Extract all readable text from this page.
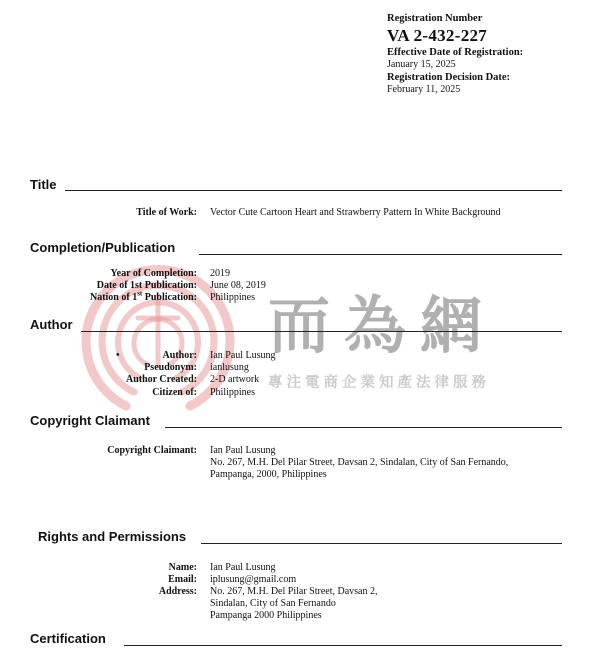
而為網
專注電商企業知產法律服務
Registration Number
VA 2-432-227
Effective Date of Registration:
January 15, 2025
Registration Decision Date:
February 11, 2025
Title
Title of Work: Vector Cute Cartoon Heart and Strawberry Pattern In White Background
Completion/Publication
Year of Completion: 2019
Date of 1st Publication: June 08, 2019
Nation of 1st Publication: Philippines
Author
•	Author: Ian Paul Lusung
Pseudonym: ianlusung
Author Created: 2-D artwork
Citizen of: Philippines
Copyright Claimant
Copyright Claimant: Ian Paul Lusung
No. 267, M.H. Del Pilar Street, Davsan 2, Sindalan, City of San Fernando,
Pampanga, 2000, Philippines
Rights and Permissions
Name: Ian Paul Lusung
Email: iplusung@gmail.com
Address: No. 267, M.H. Del Pilar Street, Davsan 2,
Sindalan, City of San Fernando
Pampanga 2000 Philippines
Certification
